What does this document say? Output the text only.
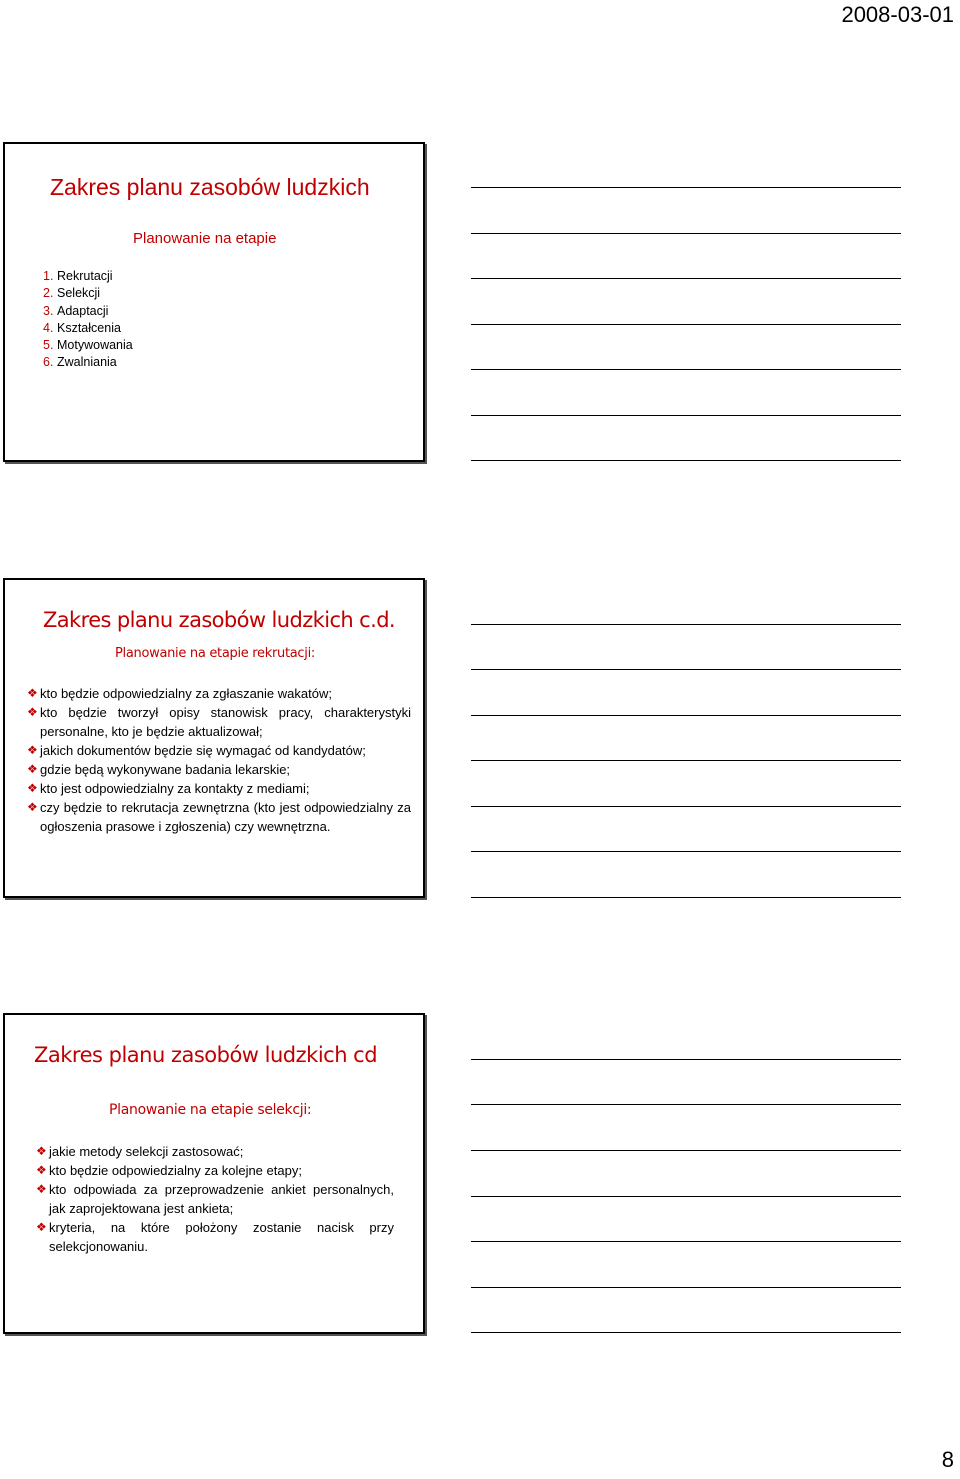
2008-03-01
Zakres planu zasobów ludzkich
Planowanie na etapie
1. Rekrutacji
2. Selekcji
3. Adaptacji
4. Kształcenia
5. Motywowania
6. Zwalniania
Zakres planu zasobów ludzkich c.d.
Planowanie na etapie rekrutacji:
❖ kto będzie odpowiedzialny za zgłaszanie wakatów;
❖ kto będzie tworzył opisy stanowisk pracy, charakterystyki personalne, kto je będzie aktualizował;
❖ jakich dokumentów będzie się wymagać od kandydatów;
❖ gdzie będą wykonywane badania lekarskie;
❖ kto jest odpowiedzialny za kontakty z mediami;
❖ czy będzie to rekrutacja zewnętrzna (kto jest odpowiedzialny za ogłoszenia prasowe i zgłoszenia) czy wewnętrzna.
Zakres planu zasobów ludzkich cd
Planowanie na etapie selekcji:
❖ jakie metody selekcji zastosować;
❖ kto będzie odpowiedzialny za kolejne etapy;
❖ kto odpowiada za przeprowadzenie ankiet personalnych, jak zaprojektowana jest ankieta;
❖ kryteria, na które położony zostanie nacisk przy selekcjonowaniu.
8
